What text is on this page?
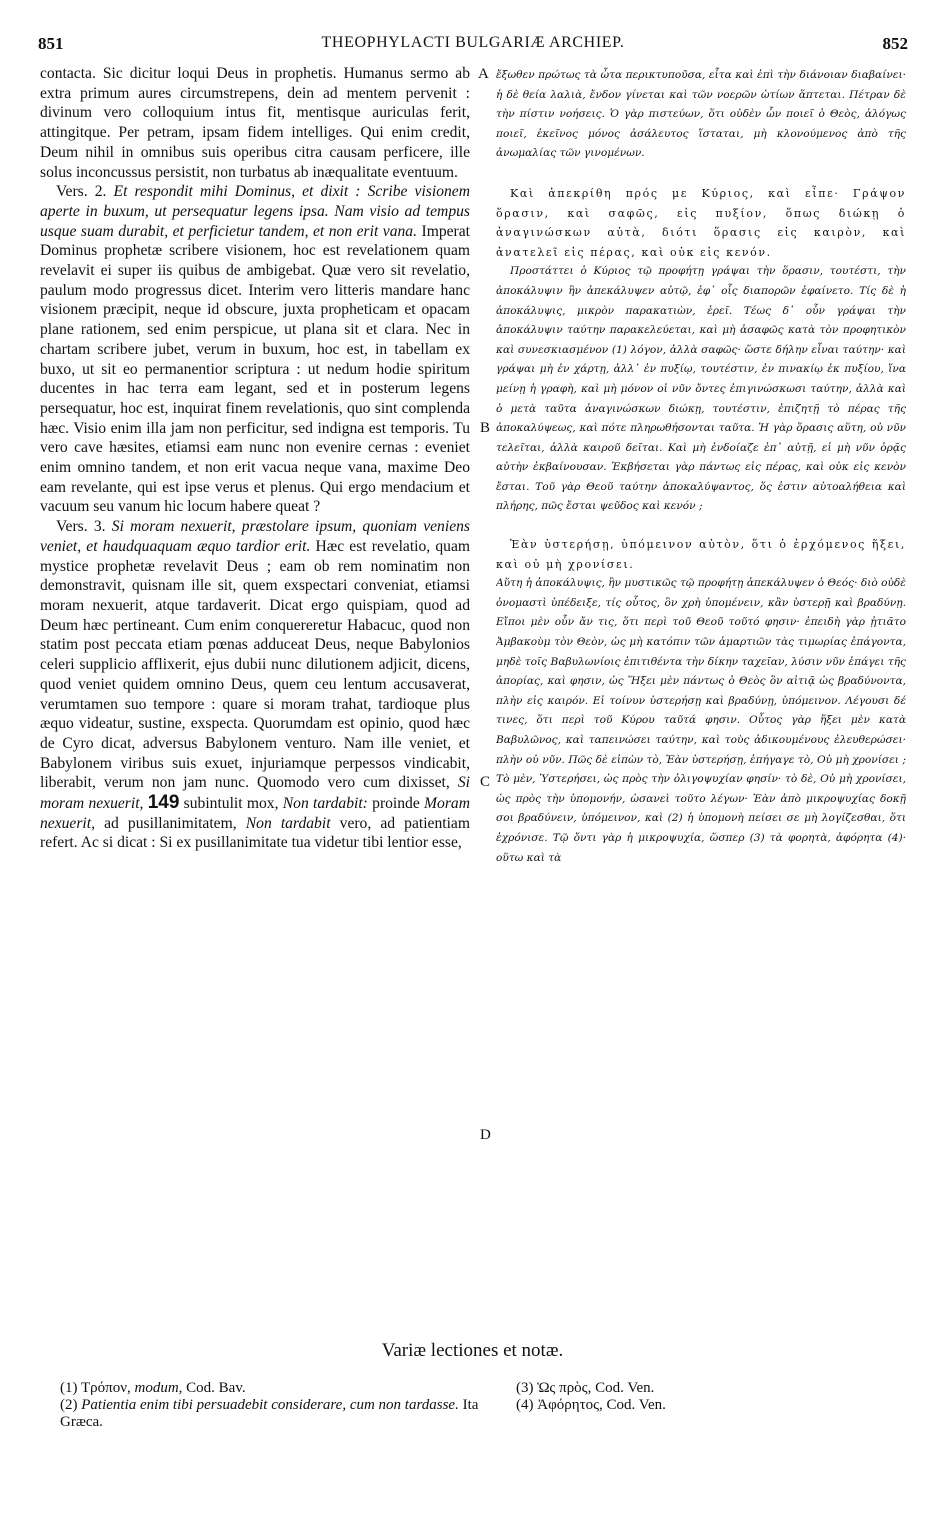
851	THEOPHYLACTI BULGARIÆ ARCHIEP.	852

contacta. Sic dicitur loqui Deus in prophetis. Humanus sermo ab extra primum aures circumstrepens, dein ad mentem pervenit : divinum vero colloquium intus fit, mentisque auriculas ferit, attingitque. Per petram, ipsam fidem intelliges. Qui enim credit, Deum nihil in omnibus suis operibus citra causam perficere, ille solus inconcussus persistit, non turbatus ab inæqualitate eventuum.

Vers. 2. Et respondit mihi Dominus, et dixit : Scribe visionem aperte in buxum, ut persequatur legens ipsa. Nam visio ad tempus usque suam durabit, et perficietur tandem, et non erit vana. Imperat Dominus prophetæ scribere visionem, hoc est revelationem quam revelavit ei super iis quibus de ambigebat. Quæ vero sit revelatio, paulum modo progressus dicet. Interim vero litteris mandare hanc visionem præcipit, neque id obscure, juxta propheticam et opacam plane rationem, sed enim perspicue, ut plana sit et clara. Nec in chartam scribere jubet, verum in buxum, hoc est, in tabellam ex buxo, ut sit eo permanentior scriptura : ut nedum hodie spiritum ducentes in hac terra eam legant, sed et in posterum legens persequatur, hoc est, inquirat finem revelationis, quo sint complenda hæc. Visio enim illa jam non perficitur, sed indigna est temporis. Tu vero cave hæsites, etiamsi eam nunc non evenire cernas : eveniet enim omnino tandem, et non erit vacua neque vana, maxime Deo eam revelante, qui est ipse verus et plenus. Qui ergo mendacium et vacuum seu vanum hic locum habere queat ?

Vers. 3. Si moram nexuerit, præstolare ipsum, quoniam veniens veniet, et haudquaquam æquo tardior erit. Hæc est revelatio, quam mystice prophetæ revelavit Deus ; eam ob rem nominatim non demonstravit, quisnam ille sit, quem exspectari conveniat, etiamsi moram nexuerit, atque tardaverit. Dicat ergo quispiam, quod ad Deum hæc pertineant. Cum enim conquereretur Habacuc, quod non statim post peccata etiam pœnas adduceat Deus, neque Babylonios celeri supplicio afflixerit, ejus dubii nunc dilutionem adjicit, dicens, quod veniet quidem omnino Deus, quem ceu lentum accusaverat, verumtamen suo tempore : quare si moram trahat, tardioque plus æquo videatur, sustine, exspecta. Quorumdam est opinio, quod hæc de Cyro dicat, adversus Babylonem venturo. Nam ille veniet, et Babylonem viribus suis exuet, injuriamque perpessos vindicabit, liberabit, verum non jam nunc. Quomodo vero cum dixisset, Si moram nexuerit, 149 subintulit mox, Non tardabit: proinde Moram nexuerit, ad pusillanimitatem, Non tardabit vero, ad patientiam refert. Ac si dicat : Si ex pusillanimitate tua videtur tibi lentior esse,

A
B
C
D

ἔξωθεν πρώτως τὰ ὦτα περικτυποῦσα, εἶτα καὶ ἐπὶ τὴν διάνοιαν διαβαίνει· ἡ δὲ θεία λαλιὰ, ἔνδον γίνεται καὶ τῶν νοερῶν ὠτίων ἅπτεται. Πέτραν δὲ τὴν πίστιν νοήσεις. Ὁ γὰρ πιστεύων, ὅτι οὐδὲν ὧν ποιεῖ ὁ Θεὸς, ἀλόγως ποιεῖ, ἐκεῖνος μόνος ἀσάλευτος ἵσταται, μὴ κλονούμενος ἀπὸ τῆς ἀνωμαλίας τῶν γινομένων.

Καὶ ἀπεκρίθη πρός με Κύριος, καὶ εἶπε· Γράψον ὅρασιν, καὶ σαφῶς, εἰς πυξίον, ὅπως διώκῃ ὁ ἀναγινώσκων αὐτὰ, διότι ὅρασις εἰς καιρὸν, καὶ ἀνατελεῖ εἰς πέρας, καὶ οὐκ εἰς κενόν.

Προστάττει ὁ Κύριος τῷ προφήτῃ γράψαι τὴν ὅρασιν, τουτέστι, τὴν ἀποκάλυψιν ἣν ἀπεκάλυψεν αὐτῷ, ἐφ᾽ οἷς διαπορῶν ἐφαίνετο. Τίς δὲ ἡ ἀποκάλυψις, μικρὸν παρακατιὼν, ἐρεῖ. Τέως δ᾽ οὖν γράψαι τὴν ἀποκάλυψιν ταύτην παρακελεύεται, καὶ μὴ ἀσαφῶς κατὰ τὸν προφητικὸν καὶ συνεσκιασμένον (1) λόγον, ἀλλὰ σαφῶς· ὥστε δήλην εἶναι ταύτην· καὶ γράψαι μὴ ἐν χάρτῃ, ἀλλ᾽ ἐν πυξίῳ, τουτέστιν, ἐν πινακίῳ ἐκ πυξίου, ἵνα μείνῃ ἡ γραφὴ, καὶ μὴ μόνον οἱ νῦν ὄντες ἐπιγινώσκωσι ταύτην, ἀλλὰ καὶ ὁ μετὰ ταῦτα ἀναγινώσκων διώκῃ, τουτέστιν, ἐπιζητῇ τὸ πέρας τῆς ἀποκαλύψεως, καὶ πότε πληρωθήσονται ταῦτα. Ἡ γὰρ ὅρασις αὕτη, οὐ νῦν τελεῖται, ἀλλὰ καιροῦ δεῖται. Καὶ μὴ ἐνδοίαζε ἐπ᾽ αὐτῇ, εἰ μὴ νῦν ὁρᾷς αὐτὴν ἐκβαίνουσαν. Ἐκβήσεται γὰρ πάντως εἰς πέρας, καὶ οὐκ εἰς κενὸν ἔσται. Τοῦ γὰρ Θεοῦ ταύτην ἀποκαλύψαντος, ὅς ἐστιν αὐτοαλήθεια καὶ πλήρης, πῶς ἔσται ψεῦδος καὶ κενόν ;

Ἐὰν ὑστερήσῃ, ὑπόμεινον αὐτὸν, ὅτι ὁ ἐρχόμενος ἥξει, καὶ οὐ μὴ χρονίσει.

Αὕτη ἡ ἀποκάλυψις, ἣν μυστικῶς τῷ προφήτῃ ἀπεκάλυψεν ὁ Θεός· διὸ οὐδὲ ὀνομαστὶ ὑπέδειξε, τίς οὗτος, ὃν χρὴ ὑπομένειν, κἂν ὑστερῇ καὶ βραδύνῃ. Εἴποι μὲν οὖν ἄν τις, ὅτι περὶ τοῦ Θεοῦ τοῦτό φησιν· ἐπειδὴ γὰρ ᾐτιᾶτο Ἀμβακοὺμ τὸν Θεὸν, ὡς μὴ κατόπιν τῶν ἁμαρτιῶν τὰς τιμωρίας ἐπάγοντα, μηδὲ τοῖς Βαβυλωνίοις ἐπιτιθέντα τὴν δίκην ταχεῖαν, λύσιν νῦν ἐπάγει τῆς ἀπορίας, καὶ φησιν, ὡς Ἥξει μὲν πάντως ὁ Θεὸς ὃν αἰτιᾷ ὡς βραδύνοντα, πλὴν εἰς καιρόν. Εἰ τοίνυν ὑστερήσῃ καὶ βραδύνῃ, ὑπόμεινον. Λέγουσι δέ τινες, ὅτι περὶ τοῦ Κύρου ταῦτά φησιν. Οὗτος γὰρ ἥξει μὲν κατὰ Βαβυλῶνος, καὶ ταπεινώσει ταύτην, καὶ τοὺς ἀδικουμένους ἐλευθερώσει· πλὴν οὐ νῦν. Πῶς δὲ εἰπὼν τὸ, Ἐὰν ὑστερήσῃ, ἐπήγαγε τὸ, Οὐ μὴ χρονίσει ; Τὸ μὲν, Ὑστερήσει, ὡς πρὸς τὴν ὀλιγοψυχίαν φησίν· τὸ δὲ, Οὐ μὴ χρονίσει, ὡς πρὸς τὴν ὑπομονήν, ὡσανεὶ τοῦτο λέγων· Ἐὰν ἀπὸ μικροψυχίας δοκῇ σοι βραδύνειν, ὑπόμεινον, καὶ (2) ἡ ὑπομονὴ πείσει σε μὴ λογίζεσθαι, ὅτι ἐχρόνισε. Τῷ ὄντι γὰρ ἡ μικροψυχία, ὥσπερ (3) τὰ φορητὰ, ἀφόρητα (4)· οὕτω καὶ τὰ

Variæ lectiones et notæ.

(1) Τρόπον, modum, Cod. Bav.

(2) Patientia enim tibi persuadebit considerare, cum non tardasse. Ita Græca.

(3) Ὡς πρὸς, Cod. Ven.

(4) Ἀφόρητος, Cod. Ven.
